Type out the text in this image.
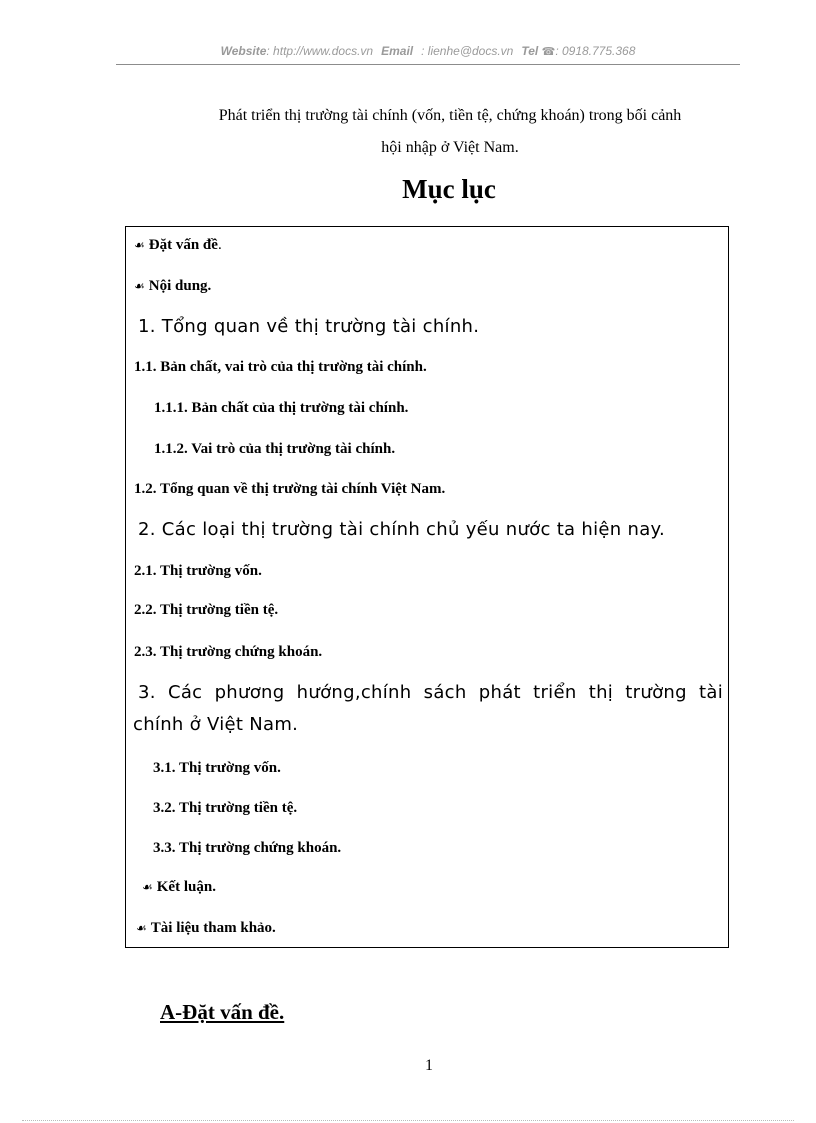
Website: http://www.docs.vn Email : lienhe@docs.vn Tel ☎: 0918.775.368
Phát triển thị trường tài chính (vốn, tiền tệ, chứng khoán) trong bối cảnh
hội nhập ở Việt Nam.
Mục lục
☙ Đặt vấn đề.
☙ Nội dung.
1. Tổng quan về thị trường tài chính.
1.1. Bản chất, vai trò của thị trường tài chính.
1.1.1. Bản chất của thị trường tài chính.
1.1.2. Vai trò của thị trường tài chính.
1.2. Tổng quan về thị trường tài chính Việt Nam.
2. Các loại thị trường tài chính chủ yếu nước ta hiện nay.
2.1. Thị trường vốn.
2.2. Thị trường tiền tệ.
2.3. Thị trường chứng khoán.
3. Các phương hướng,chính sách phát triển thị trường tài
chính ở Việt Nam.
3.1. Thị trường vốn.
3.2. Thị trường tiền tệ.
3.3. Thị trường chứng khoán.
☙ Kết luận.
☙ Tài liệu tham khảo.
A-Đặt vấn đề.
1
